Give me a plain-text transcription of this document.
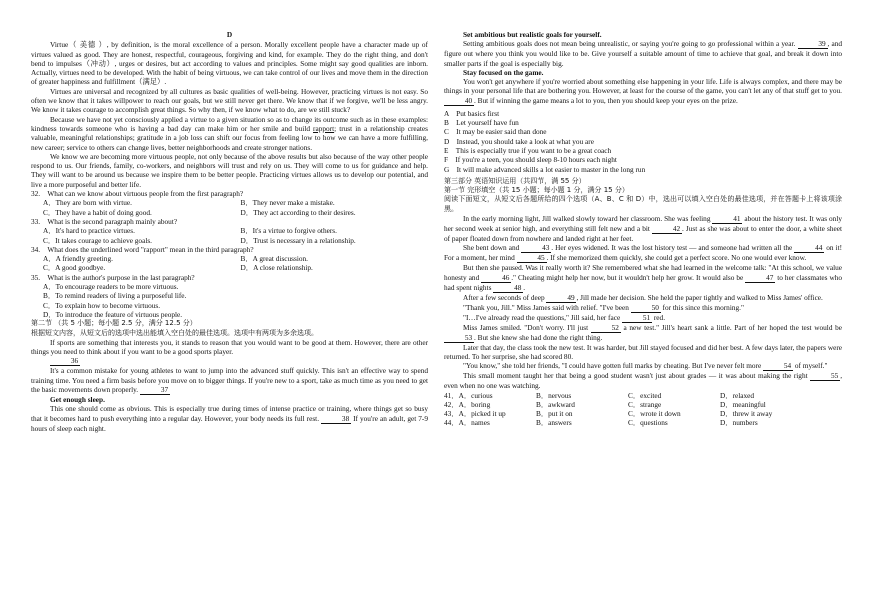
D

Virtue（ 美德 ）, by definition, is the moral excellence of a person. Morally excellent people have a character made up of virtues valued as good. They are honest, respectful, courageous, forgiving and kind, for example. They do the right thing, and don't bend to impulses（冲动）, urges or desires, but act according to values and principles. Some might say good qualities are inborn. Actually, virtues need to be developed. With the habit of being virtuous, we can take control of our lives and move them in the direction of greater happiness and fulfillment（满足）.

Virtues are universal and recognized by all cultures as basic qualities of well-being. However, practicing virtues is not easy. So often we know that it takes willpower to reach our goals, but we still never get there. We know that if we forgive, we'll be less angry. We know it takes courage to accomplish great things. So why then, if we know what to do, are we still stuck?

Because we have not yet consciously applied a virtue to a given situation so as to change its outcome such as in these examples: kindness towards someone who is having a bad day can make him or her smile and build rapport; trust in a relationship creates valuable, meaningful relationships; gratitude in a job loss can shift our focus from feeling low to how we can have a more fulfilling, new career; service to others can change lives, better neighborhoods and create stronger nations.

We know we are becoming more virtuous people, not only because of the above results but also because of the way other people respond to us. Our friends, family, co-workers, and neighbors will trust and rely on us. They will come to us for guidance and help. They will want to be around us because we inspire them to be better people. Practicing virtues allows us to develop our potential, and live a more purposeful and better life.

32.　What can we know about virtuous people from the first paragraph?

A．They are born with virtue.	B．They never make a mistake.
C．They have a habit of doing good.	D．They act according to their desires.

33.　What is the second paragraph mainly about?

A．It's hard to practice virtues.	B．It's a virtue to forgive others.
C．It takes courage to achieve goals.	D．Trust is necessary in a relationship.

34.　What does the underlined word "rapport" mean in the third paragraph?

A．A friendly greeting.	B．A great discussion.
C．A good goodbye.	D．A close relationship.

35.　What is the author's purpose in the last paragraph?

A．To encourage readers to be more virtuous.
B．To remind readers of living a purposeful life.
C．To explain how to become virtuous.
D．To introduce the feature of virtuous people.

第二节 （共 5 小题；每小题 2.5 分，满分 12.5 分）

根据短文内容，从短文后的选项中选出能填入空白处的最佳选项。选项中有两项为多余选项。

If sports are something that interests you, it stands to reason that you would want to be good at them. However, there are other things you need to think about if you want to be a good sports player.

36

It's a common mistake for young athletes to want to jump into the advanced stuff quickly. This isn't an effective way to spend training time. You need a firm basis before you move on to bigger things. If you're new to a sport, take as much time as you need to get the basic movements down properly.	37

Get enough sleep.

This one should come as obvious. This is especially true during times of intense practice or training, where things get so busy that it becomes hard to push everything into a regular day. However, your body needs its full rest.	38 If you're an adult, get 7-9 hours of sleep each night.

Set ambitious but realistic goals for yourself.

Setting ambitious goals does not mean being unrealistic, or saying you're going to go professional within a year.	39 , and figure out where you think you would like to be. Give yourself a suitable amount of time to achieve that goal, and break it down into smaller parts if the goal is especially big.

Stay focused on the game.

You won't get anywhere if you're worried about something else happening in your life. Life is always complex, and there may be things in your personal life that are bothering you. However, at least for the course of the game, you can't let any of that stuff get to you. 40 . But if winning the game means a lot to you, then you should keep your eyes on the prize.

A　Put basics first
B　Let yourself have fun
C　It may be easier said than done
D　Instead, you should take a look at what you are
E　This is especially true if you want to be a great coach
F　If you're a teen, you should sleep 8-10 hours each night
G　It will make advanced skills a lot easier to master in the long run

第三部分 英语知识运用（共四节，满 55 分）

第一节 完形填空（共 15 小题；每小题 1 分，满分 15 分）

阅读下面短文，从短文后各题所给的四个选项（A、B、C 和 D）中，选出可以填入空白处的最佳选项，并在答题卡上将该项涂黑。

In the early morning light, Jill walked slowly toward her classroom. She was feeling	41 about the history test. It was only her second week at senior high, and everything still felt new and a bit	42 . Just as she was about to enter the door, a white sheet of paper floated down from nowhere and landed right at her feet.

She bent down and	43 . Her eyes widened. It was the lost history test — and someone had written all the	44 on it! For a moment, her mind	45 . If she memorized them quickly, she could get a perfect score. No one would ever know.

But then she paused. Was it really worth it? She remembered what she had learned in the welcome talk: "At this school, we value honesty and	46 ." Cheating might help her now, but it wouldn't help her grow. It would also be	47 to her classmates who had spent nights	48 .

After a few seconds of deep	49 , Jill made her decision. She held the paper tightly and walked to Miss James' office.

"Thank you, Jill." Miss James said with relief. "I've been	50 for this since this morning."

"I…I've already read the questions," Jill said, her face	51 red.

Miss James smiled. "Don't worry. I'll just	52 a new test." Jill's heart sank a little. Part of her hoped the test would be 53 . But she knew she had done the right thing.

Later that day, the class took the new test. It was harder, but Jill stayed focused and did her best. A few days later, the papers were returned. To her surprise, she had scored 80.

"You know," she told her friends, "I could have gotten full marks by cheating. But I've never felt more	54 of myself."

This small moment taught her that being a good student wasn't just about grades — it was about making the right	55 , even when no one was watching.

41．A．curious	B．nervous	C．excited	D．relaxed
42．A．boring	B．awkward	C．strange	D．meaningful
43．A．picked it up	B．put it on	C．wrote it down	D．threw it away
44．A．names	B．answers	C．questions	D．numbers
